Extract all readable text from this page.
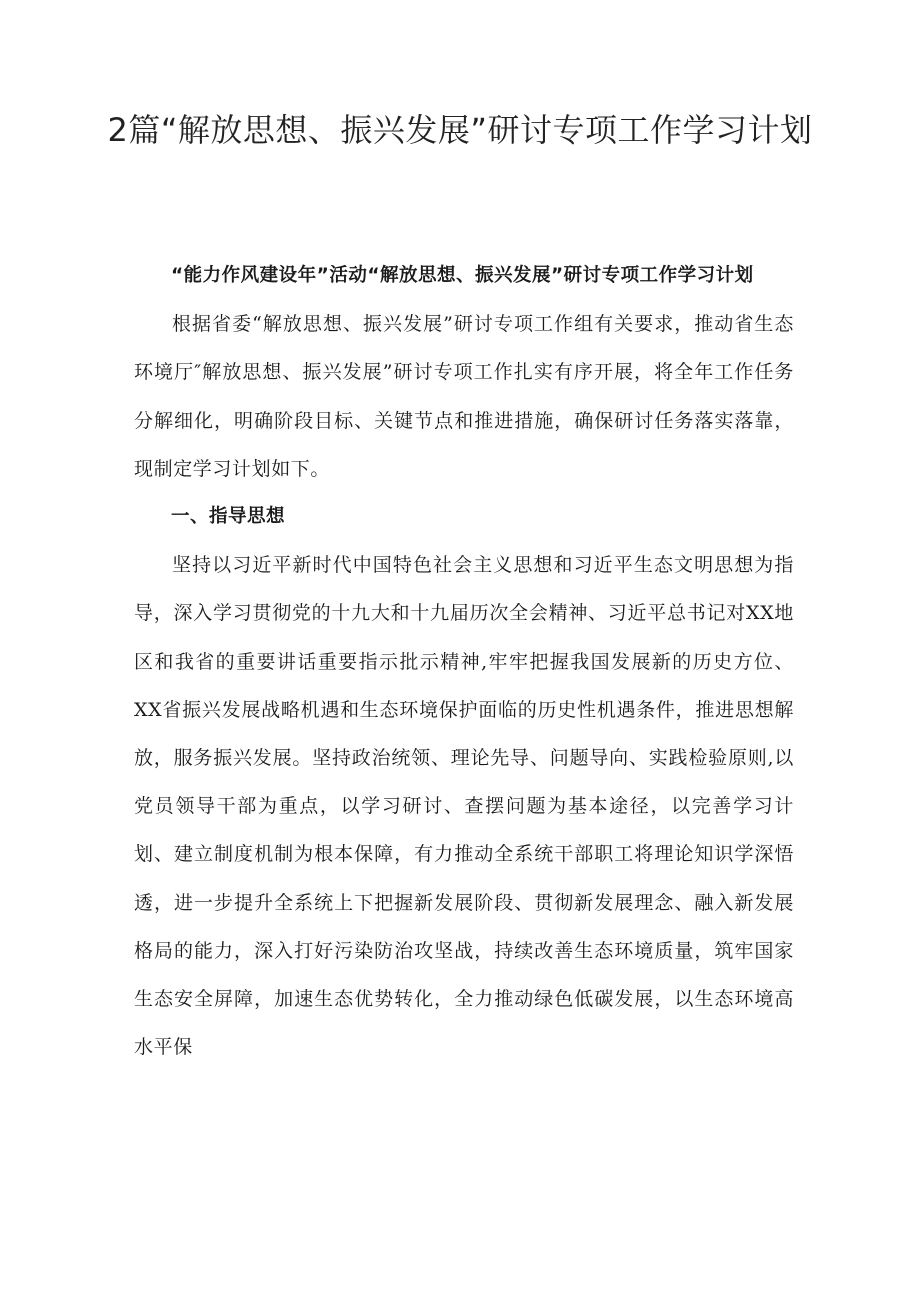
2篇“解放思想、振兴发展”研讨专项工作学习计划

“能力作风建设年”活动“解放思想、振兴发展”研讨专项工作学习计划

根据省委“解放思想、振兴发展”研讨专项工作组有关要求，推动省生态环境厅″解放思想、振兴发展”研讨专项工作扎实有序开展，将全年工作任务分解细化，明确阶段目标、关键节点和推进措施，确保研讨任务落实落靠，现制定学习计划如下。

一、指导思想

坚持以习近平新时代中国特色社会主义思想和习近平生态文明思想为指导，深入学习贯彻党的十九大和十九届历次全会精神、习近平总书记对XX地区和我省的重要讲话重要指示批示精神,牢牢把握我国发展新的历史方位、XX省振兴发展战略机遇和生态环境保护面临的历史性机遇条件，推进思想解放，服务振兴发展。坚持政治统领、理论先导、问题导向、实践检验原则,以党员领导干部为重点，以学习研讨、查摆问题为基本途径，以完善学习计划、建立制度机制为根本保障，有力推动全系统干部职工将理论知识学深悟透，进一步提升全系统上下把握新发展阶段、贯彻新发展理念、融入新发展格局的能力，深入打好污染防治攻坚战，持续改善生态环境质量，筑牢国家生态安全屏障，加速生态优势转化，全力推动绿色低碳发展，以生态环境高水平保
